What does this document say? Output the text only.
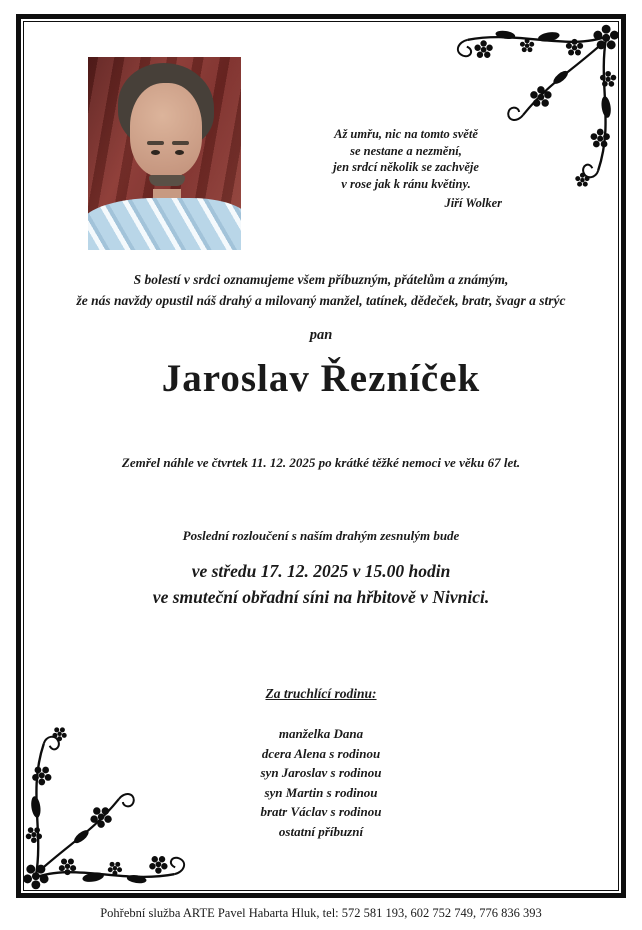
Až umřu, nic na tomto světě
se nestane a nezmění,
jen srdcí několik se zachvěje
v rose jak k ránu květiny.
Jiří Wolker
S bolestí v srdci oznamujeme všem příbuzným, přátelům a známým,
že nás navždy opustil náš drahý a milovaný manžel, tatínek, dědeček, bratr, švagr a strýc
pan
Jaroslav Řezníček
Zemřel náhle ve čtvrtek 11. 12. 2025 po krátké těžké nemoci ve věku 67 let.
Poslední rozloučení s naším drahým zesnulým bude
ve středu 17. 12. 2025 v 15.00 hodin
ve smuteční obřadní síni na hřbitově v Nivnici.
Za truchlící rodinu:
manželka Dana
dcera Alena s rodinou
syn Jaroslav s rodinou
syn Martin s rodinou
bratr Václav s rodinou
ostatní příbuzní
Pohřební služba ARTE Pavel Habarta Hluk, tel: 572 581 193, 602 752 749, 776 836 393
